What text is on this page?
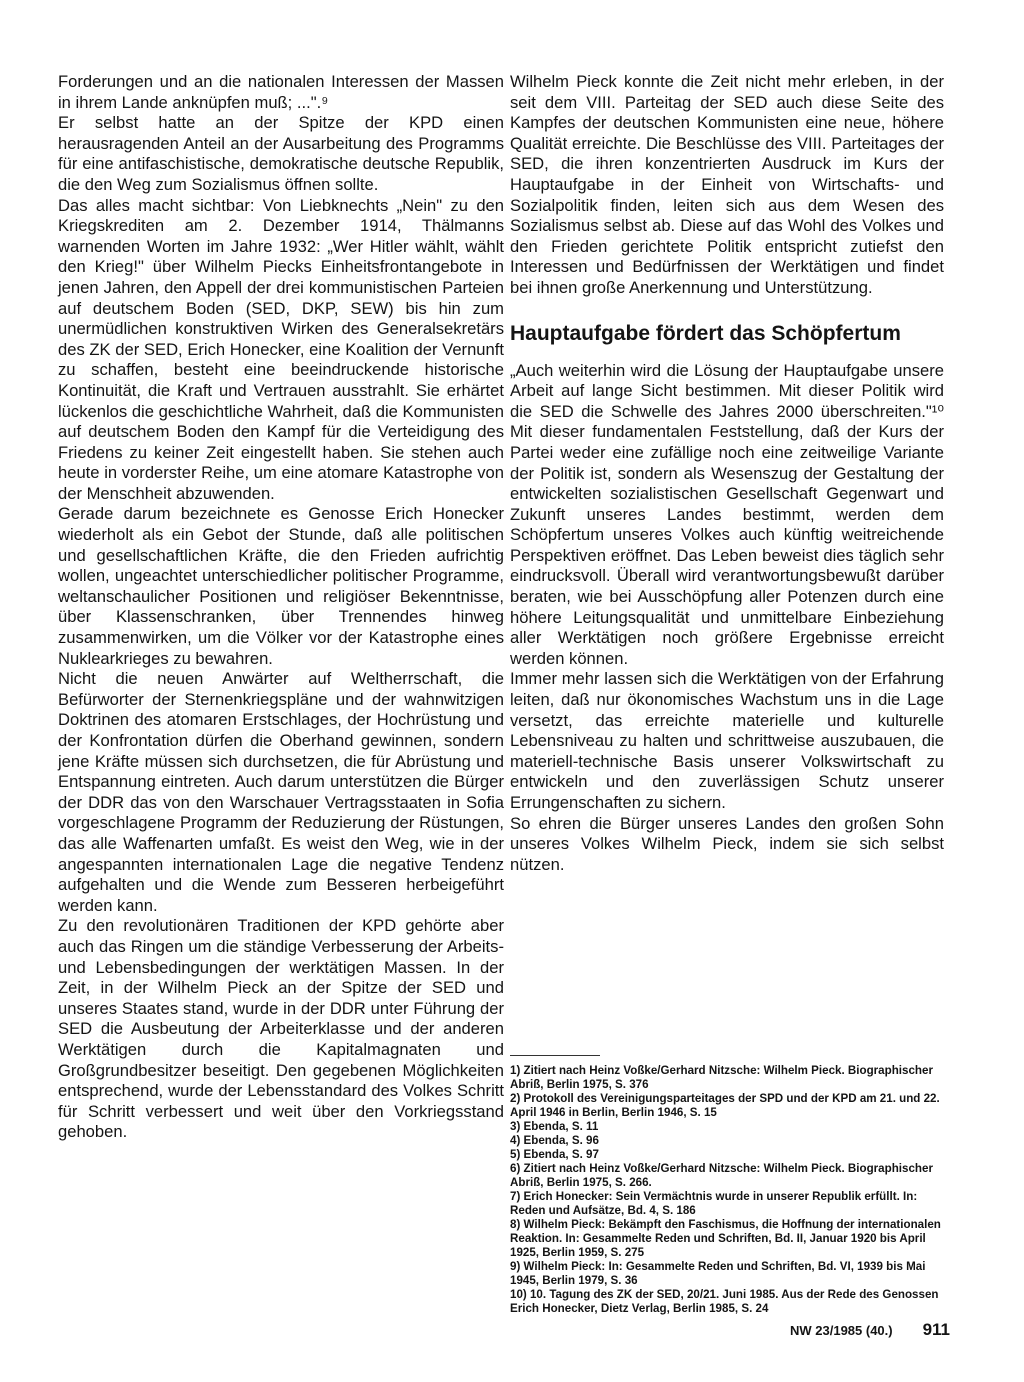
Forderungen und an die nationalen Interessen der Massen in ihrem Lande anknüpfen muß; ...".⁹

Er selbst hatte an der Spitze der KPD einen herausragenden Anteil an der Ausarbeitung des Programms für eine antifaschistische, demokratische deutsche Republik, die den Weg zum Sozialismus öffnen sollte.

Das alles macht sichtbar: Von Liebknechts „Nein" zu den Kriegskrediten am 2. Dezember 1914, Thälmanns warnenden Worten im Jahre 1932: „Wer Hitler wählt, wählt den Krieg!" über Wilhelm Piecks Einheitsfrontangebote in jenen Jahren, den Appell der drei kommunistischen Parteien auf deutschem Boden (SED, DKP, SEW) bis hin zum unermüdlichen konstruktiven Wirken des Generalsekretärs des ZK der SED, Erich Honecker, eine Koalition der Vernunft zu schaffen, besteht eine beeindruckende historische Kontinuität, die Kraft und Vertrauen ausstrahlt. Sie erhärtet lückenlos die geschichtliche Wahrheit, daß die Kommunisten auf deutschem Boden den Kampf für die Verteidigung des Friedens zu keiner Zeit eingestellt haben. Sie stehen auch heute in vorderster Reihe, um eine atomare Katastrophe von der Menschheit abzuwenden.

Gerade darum bezeichnete es Genosse Erich Honecker wiederholt als ein Gebot der Stunde, daß alle politischen und gesellschaftlichen Kräfte, die den Frieden aufrichtig wollen, ungeachtet unterschiedlicher politischer Programme, weltanschaulicher Positionen und religiöser Bekenntnisse, über Klassenschranken, über Trennendes hinweg zusammenwirken, um die Völker vor der Katastrophe eines Nuklearkrieges zu bewahren.

Nicht die neuen Anwärter auf Weltherrschaft, die Befürworter der Sternenkriegspläne und der wahnwitzigen Doktrinen des atomaren Erstschlages, der Hochrüstung und der Konfrontation dürfen die Oberhand gewinnen, sondern jene Kräfte müssen sich durchsetzen, die für Abrüstung und Entspannung eintreten. Auch darum unterstützen die Bürger der DDR das von den Warschauer Vertragsstaaten in Sofia vorgeschlagene Programm der Reduzierung der Rüstungen, das alle Waffenarten umfaßt. Es weist den Weg, wie in der angespannten internationalen Lage die negative Tendenz aufgehalten und die Wende zum Besseren herbeigeführt werden kann.

Zu den revolutionären Traditionen der KPD gehörte aber auch das Ringen um die ständige Verbesserung der Arbeits- und Lebensbedingungen der werktätigen Massen. In der Zeit, in der Wilhelm Pieck an der Spitze der SED und unseres Staates stand, wurde in der DDR unter Führung der SED die Ausbeutung der Arbeiterklasse und der anderen Werktätigen durch die Kapitalmagnaten und Großgrundbesitzer beseitigt. Den gegebenen Möglichkeiten entsprechend, wurde der Lebensstandard des Volkes Schritt für Schritt verbessert und weit über den Vorkriegsstand gehoben.

Wilhelm Pieck konnte die Zeit nicht mehr erleben, in der seit dem VIII. Parteitag der SED auch diese Seite des Kampfes der deutschen Kommunisten eine neue, höhere Qualität erreichte. Die Beschlüsse des VIII. Parteitages der SED, die ihren konzentrierten Ausdruck im Kurs der Hauptaufgabe in der Einheit von Wirtschafts- und Sozialpolitik finden, leiten sich aus dem Wesen des Sozialismus selbst ab. Diese auf das Wohl des Volkes und den Frieden gerichtete Politik entspricht zutiefst den Interessen und Bedürfnissen der Werktätigen und findet bei ihnen große Anerkennung und Unterstützung.

Hauptaufgabe fördert das Schöpfertum

„Auch weiterhin wird die Lösung der Hauptaufgabe unsere Arbeit auf lange Sicht bestimmen. Mit dieser Politik wird die SED die Schwelle des Jahres 2000 überschreiten."¹⁰ Mit dieser fundamentalen Feststellung, daß der Kurs der Partei weder eine zufällige noch eine zeitweilige Variante der Politik ist, sondern als Wesenszug der Gestaltung der entwickelten sozialistischen Gesellschaft Gegenwart und Zukunft unseres Landes bestimmt, werden dem Schöpfertum unseres Volkes auch künftig weitreichende Perspektiven eröffnet. Das Leben beweist dies täglich sehr eindrucksvoll. Überall wird verantwortungsbewußt darüber beraten, wie bei Ausschöpfung aller Potenzen durch eine höhere Leitungsqualität und unmittelbare Einbeziehung aller Werktätigen noch größere Ergebnisse erreicht werden können.

Immer mehr lassen sich die Werktätigen von der Erfahrung leiten, daß nur ökonomisches Wachstum uns in die Lage versetzt, das erreichte materielle und kulturelle Lebensniveau zu halten und schrittweise auszubauen, die materiell-technische Basis unserer Volkswirtschaft zu entwickeln und den zuverlässigen Schutz unserer Errungenschaften zu sichern.

So ehren die Bürger unseres Landes den großen Sohn unseres Volkes Wilhelm Pieck, indem sie sich selbst nützen.

1) Zitiert nach Heinz Voßke/Gerhard Nitzsche: Wilhelm Pieck. Biographischer Abriß, Berlin 1975, S. 376

2) Protokoll des Vereinigungsparteitages der SPD und der KPD am 21. und 22. April 1946 in Berlin, Berlin 1946, S. 15

3) Ebenda, S. 11

4) Ebenda, S. 96

5) Ebenda, S. 97

6) Zitiert nach Heinz Voßke/Gerhard Nitzsche: Wilhelm Pieck. Biographischer Abriß, Berlin 1975, S. 266.

7) Erich Honecker: Sein Vermächtnis wurde in unserer Republik erfüllt. In: Reden und Aufsätze, Bd. 4, S. 186

8) Wilhelm Pieck: Bekämpft den Faschismus, die Hoffnung der internationalen Reaktion. In: Gesammelte Reden und Schriften, Bd. II, Januar 1920 bis April 1925, Berlin 1959, S. 275

9) Wilhelm Pieck: In: Gesammelte Reden und Schriften, Bd. VI, 1939 bis Mai 1945, Berlin 1979, S. 36

10) 10. Tagung des ZK der SED, 20/21. Juni 1985. Aus der Rede des Genossen Erich Honecker, Dietz Verlag, Berlin 1985, S. 24

NW 23/1985 (40.) 911
